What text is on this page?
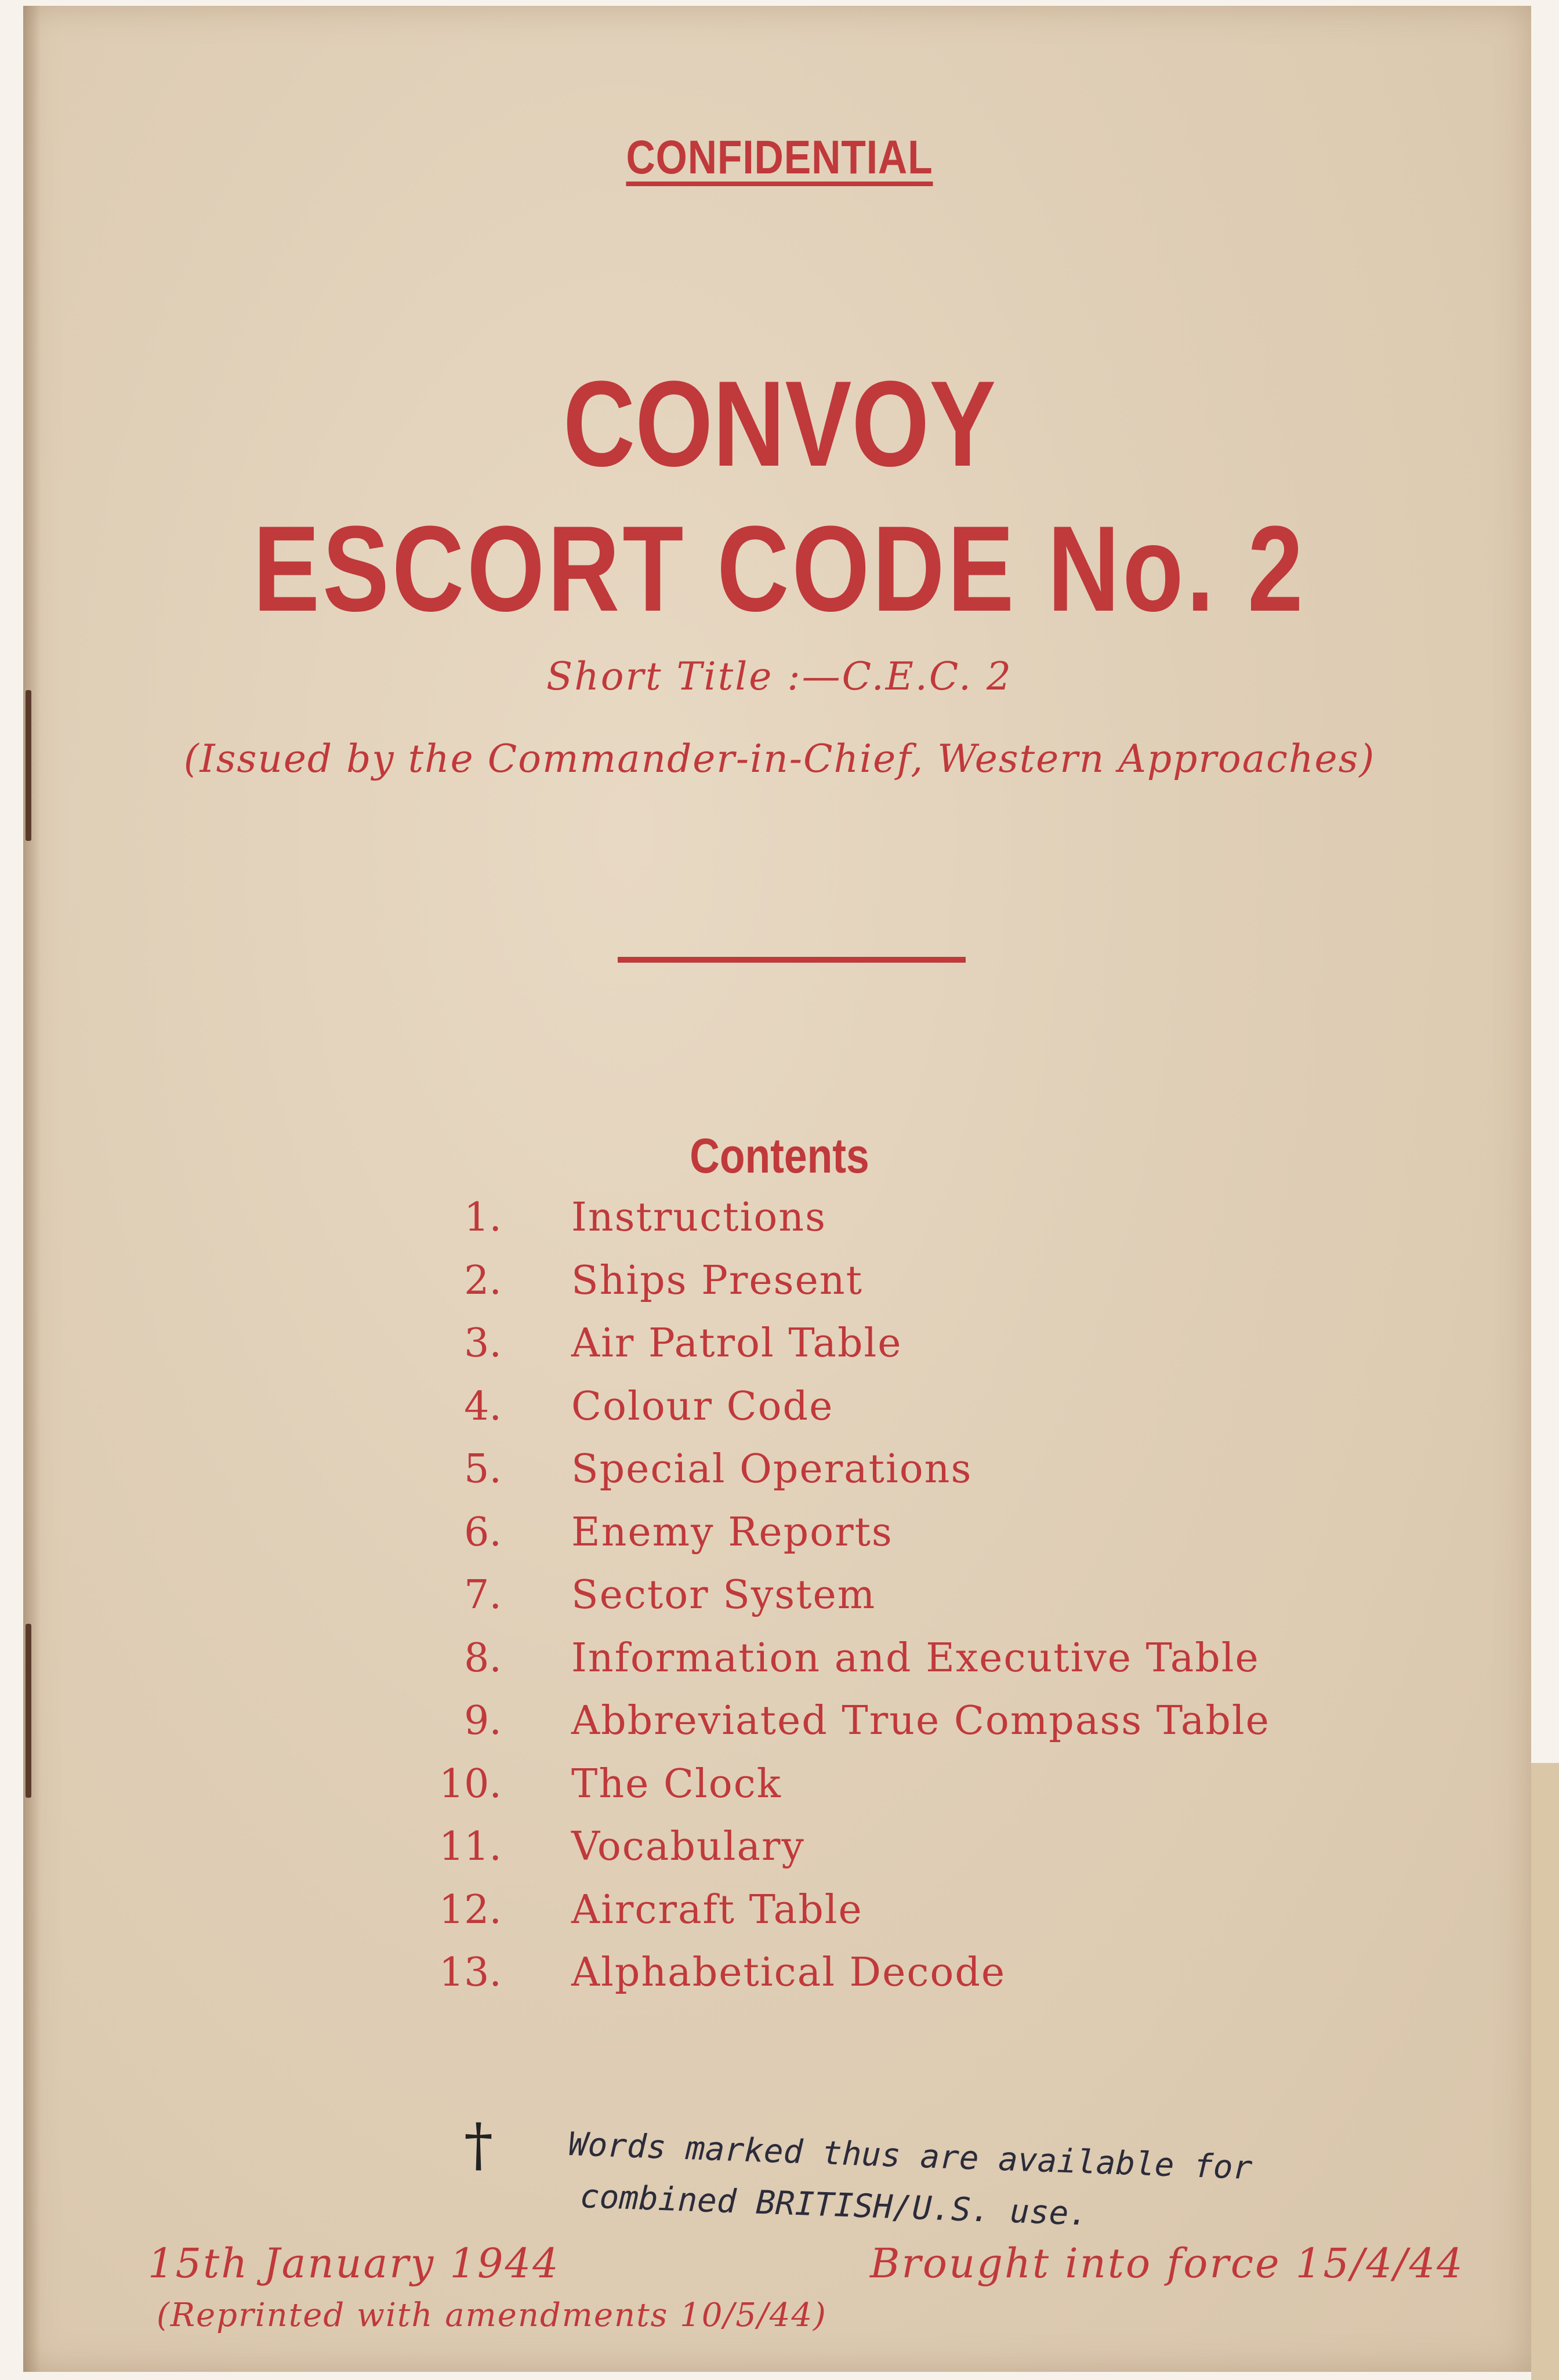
CONFIDENTIAL
CONVOY
ESCORT CODE No. 2
Short Title :—C.E.C. 2
(Issued by the Commander-in-Chief, Western Approaches)
Contents
1. Instructions
2. Ships Present
3. Air Patrol Table
4. Colour Code
5. Special Operations
6. Enemy Reports
7. Sector System
8. Information and Executive Table
9. Abbreviated True Compass Table
10. The Clock
11. Vocabulary
12. Aircraft Table
13. Alphabetical Decode
† Words marked thus are available for
combined BRITISH/U.S. use.
15th January 1944	Brought into force 15/4/44
(Reprinted with amendments 10/5/44)
